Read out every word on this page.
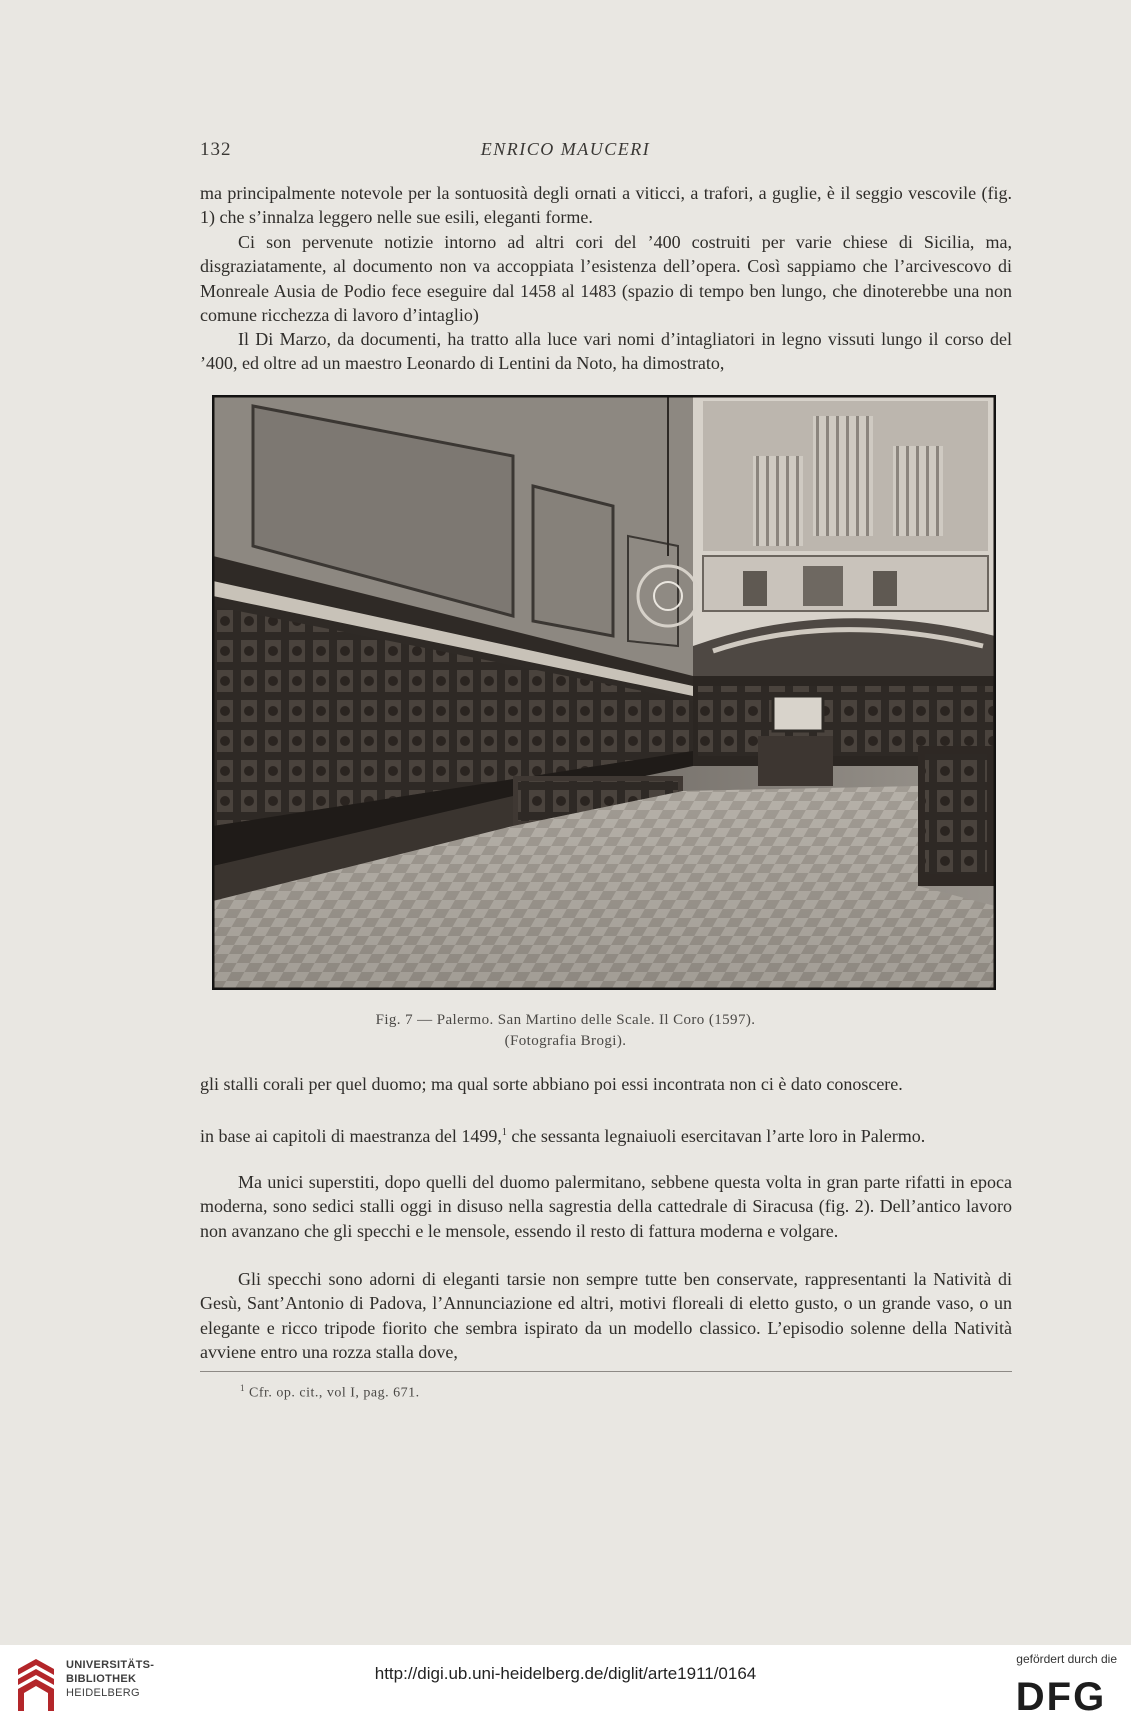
132	ENRICO MAUCERI

ma principalmente notevole per la sontuosità degli ornati a viticci, a trafori, a guglie, è il seggio vescovile (fig. 1) che s’innalza leggero nelle sue esili, eleganti forme.

Ci son pervenute notizie intorno ad altri cori del ’400 costruiti per varie chiese di Sicilia, ma, disgraziatamente, al documento non va accoppiata l’esistenza dell’opera. Così sappiamo che l’arcivescovo di Monreale Ausia de Podio fece eseguire dal 1458 al 1483 (spazio di tempo ben lungo, che dinoterebbe una non comune ricchezza di lavoro d’intaglio)

Il Di Marzo, da documenti, ha tratto alla luce vari nomi d’intagliatori in legno vissuti lungo il corso del ’400, ed oltre ad un maestro Leonardo di Lentini da Noto, ha dimostrato,

Fig. 7 — Palermo. San Martino delle Scale. Il Coro (1597).
(Fotografia Brogi).

gli stalli corali per quel duomo; ma qual sorte abbiano poi essi incontrata non ci è dato conoscere.

in base ai capitoli di maestranza del 1499,$^1$ che sessanta legnaiuoli esercitavan l’arte loro in Palermo.

Ma unici superstiti, dopo quelli del duomo palermitano, sebbene questa volta in gran parte rifatti in epoca moderna, sono sedici stalli oggi in disuso nella sagrestia della cattedrale di Siracusa (fig. 2). Dell’antico lavoro non avanzano che gli specchi e le mensole, essendo il resto di fattura moderna e volgare.

Gli specchi sono adorni di eleganti tarsie non sempre tutte ben conservate, rappresentanti la Natività di Gesù, Sant’Antonio di Padova, l’Annunciazione ed altri, motivi floreali di eletto gusto, o un grande vaso, o un elegante e ricco tripode fiorito che sembra ispirato da un modello classico. L’episodio solenne della Natività avviene entro una rozza stalla dove,

$^1$ Cfr. op. cit., vol I, pag. 671.
UNIVERSITÄTS-
BIBLIOTHEK
HEIDELBERG
http://digi.ub.uni-heidelberg.de/diglit/arte1911/0164
gefördert durch die
DFG
